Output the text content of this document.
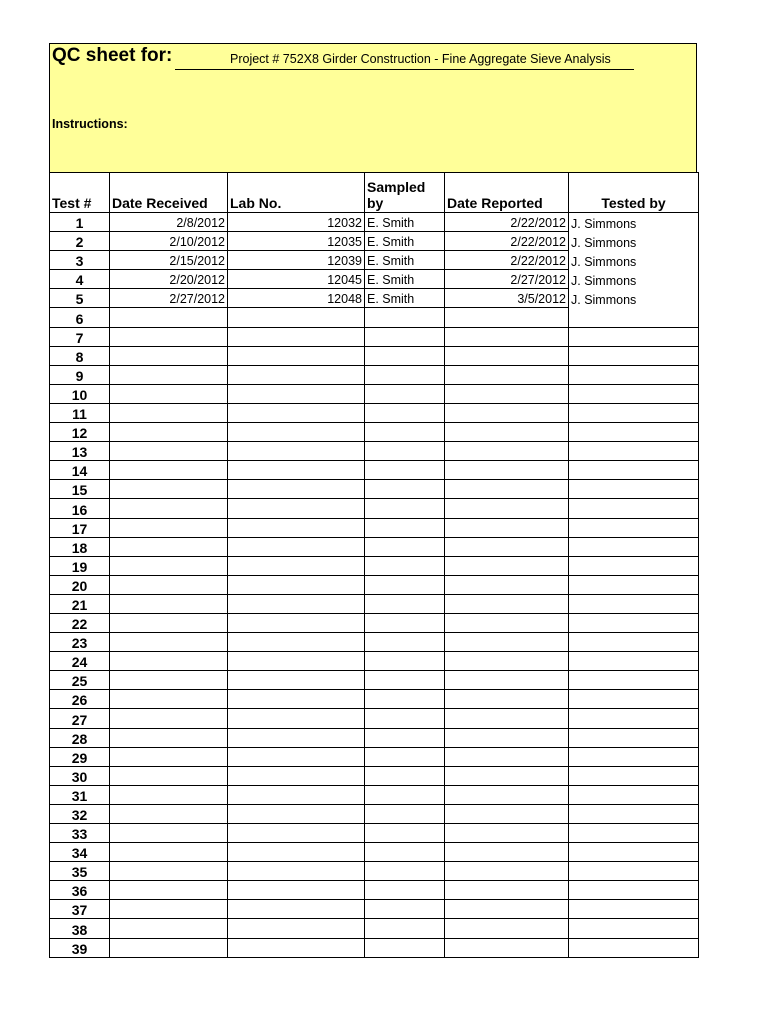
QC sheet for:	Project # 752X8 Girder Construction - Fine Aggregate Sieve Analysis
Instructions:
Test #	Date Received	Lab No.	Sampled by	Date Reported	Tested by
1	2/8/2012	12032	E. Smith	2/22/2012	J. Simmons
2	2/10/2012	12035	E. Smith	2/22/2012	J. Simmons
3	2/15/2012	12039	E. Smith	2/22/2012	J. Simmons
4	2/20/2012	12045	E. Smith	2/27/2012	J. Simmons
5	2/27/2012	12048	E. Smith	3/5/2012	J. Simmons
6					
7					
8					
9					
10					
11					
12					
13					
14					
15					
16					
17					
18					
19					
20					
21					
22					
23					
24					
25					
26					
27					
28					
29					
30					
31					
32					
33					
34					
35					
36					
37					
38					
39					
